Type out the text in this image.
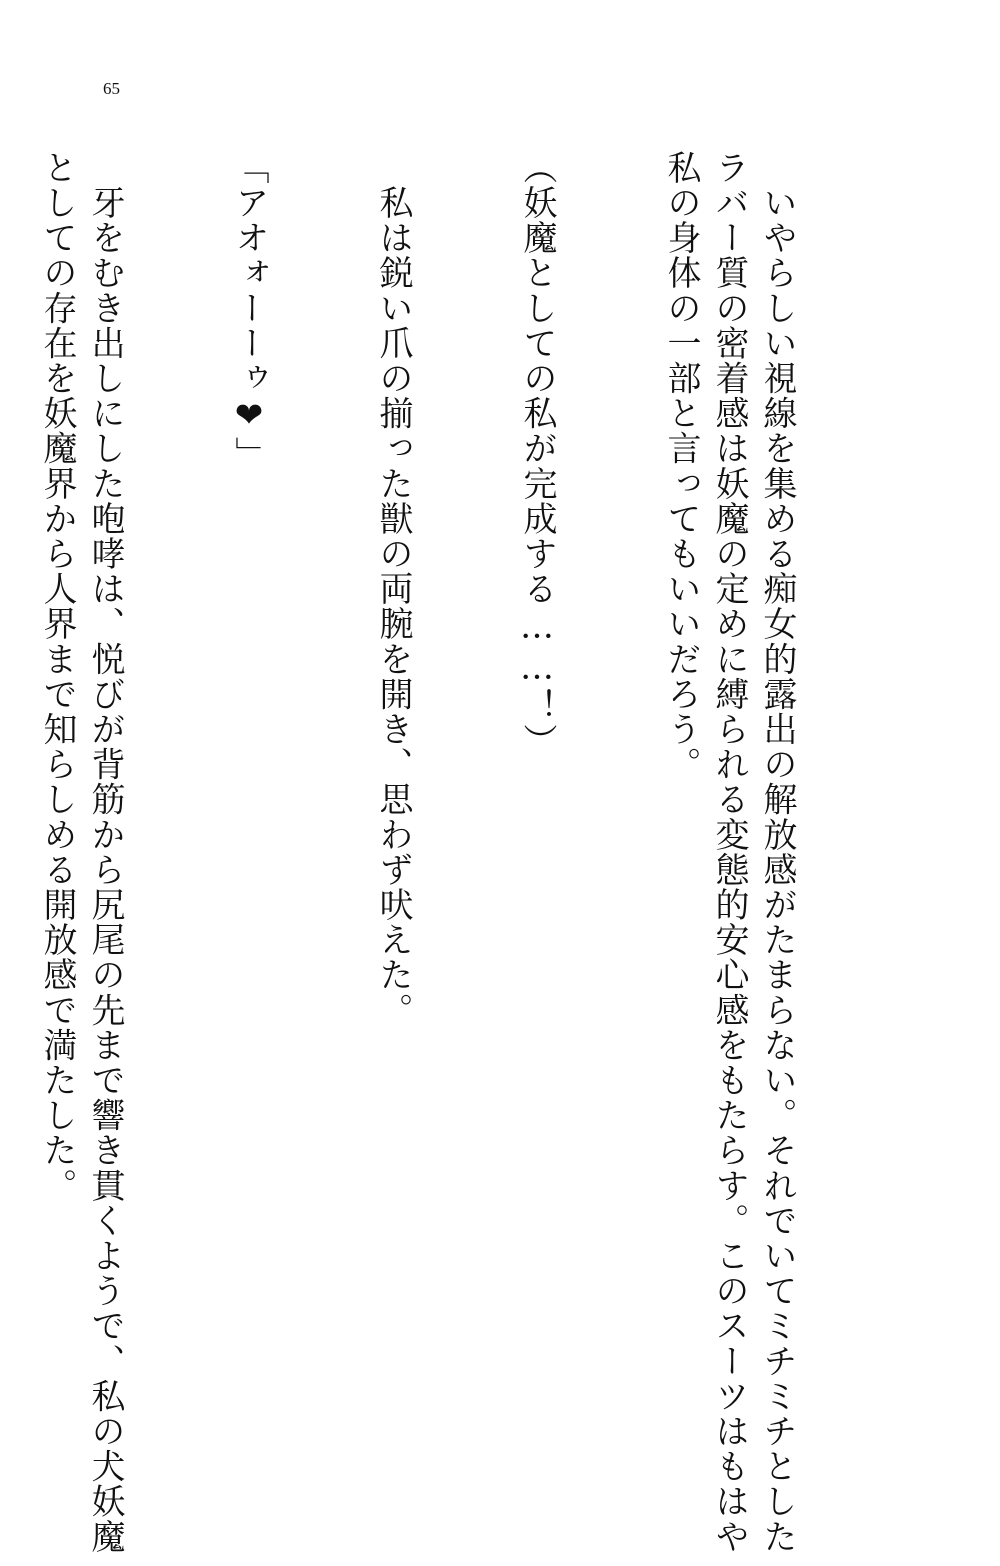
65

　いやらしい視線を集める痴女的露出の解放感がたまらない。それでいてミチミチとした
ラバー質の密着感は妖魔の定めに縛られる変態的安心感をもたらす。このスーツはもはや
私の身体の一部と言ってもいいだろう。

（妖魔としての私が完成する……！）

　私は鋭い爪の揃った獣の両腕を開き、思わず吠えた。

「アオォーーゥ❤」

　牙をむき出しにした咆哮は、悦びが背筋から尻尾の先まで響き貫くようで、私の犬妖魔
としての存在を妖魔界から人界まで知らしめる開放感で満たした。
